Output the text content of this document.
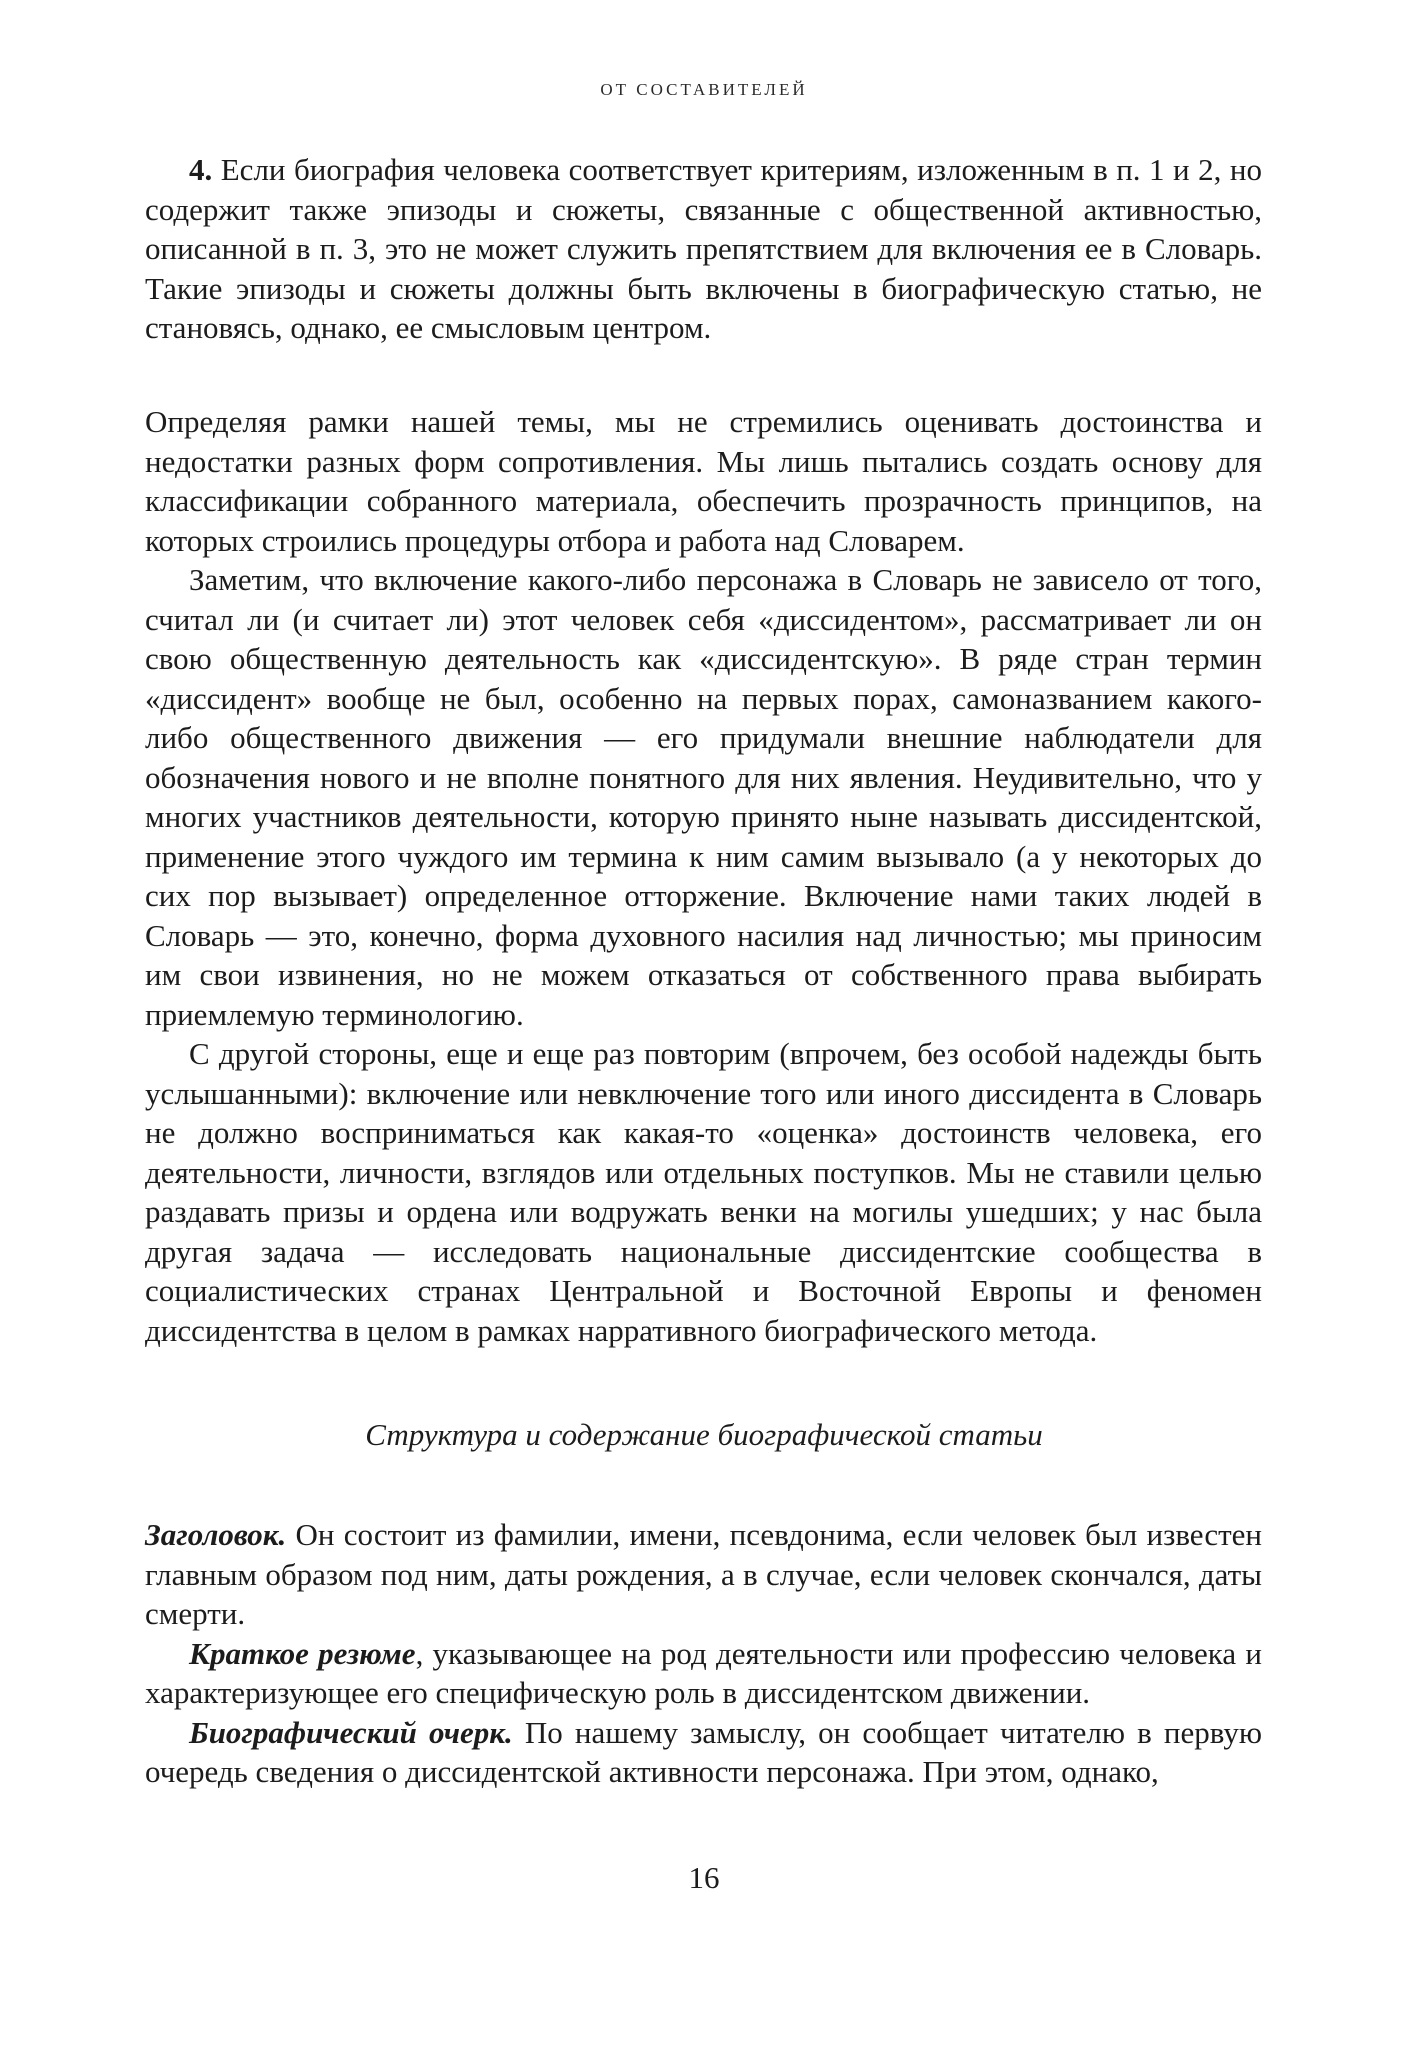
ОТ СОСТАВИТЕЛЕЙ

4. Если биография человека соответствует критериям, изложенным в п. 1 и 2, но содержит также эпизоды и сюжеты, связанные с общественной активностью, описанной в п. 3, это не может служить препятствием для включения ее в Словарь. Такие эпизоды и сюжеты должны быть включены в биографическую статью, не становясь, однако, ее смысловым центром.

Определяя рамки нашей темы, мы не стремились оценивать достоинства и недостатки разных форм сопротивления. Мы лишь пытались создать основу для классификации собранного материала, обеспечить прозрачность принципов, на которых строились процедуры отбора и работа над Словарем.

Заметим, что включение какого-либо персонажа в Словарь не зависело от того, считал ли (и считает ли) этот человек себя «диссидентом», рассматривает ли он свою общественную деятельность как «диссидентскую». В ряде стран термин «диссидент» вообще не был, особенно на первых порах, самоназванием какого-либо общественного движения — его придумали внешние наблюдатели для обозначения нового и не вполне понятного для них явления. Неудивительно, что у многих участников деятельности, которую принято ныне называть диссидентской, применение этого чуждого им термина к ним самим вызывало (а у некоторых до сих пор вызывает) определенное отторжение. Включение нами таких людей в Словарь — это, конечно, форма духовного насилия над личностью; мы приносим им свои извинения, но не можем отказаться от собственного права выбирать приемлемую терминологию.

С другой стороны, еще и еще раз повторим (впрочем, без особой надежды быть услышанными): включение или невключение того или иного диссидента в Словарь не должно восприниматься как какая-то «оценка» достоинств человека, его деятельности, личности, взглядов или отдельных поступков. Мы не ставили целью раздавать призы и ордена или водружать венки на могилы ушедших; у нас была другая задача — исследовать национальные диссидентские сообщества в социалистических странах Центральной и Восточной Европы и феномен диссидентства в целом в рамках нарративного биографического метода.

Структура и содержание биографической статьи

Заголовок. Он состоит из фамилии, имени, псевдонима, если человек был известен главным образом под ним, даты рождения, а в случае, если человек скончался, даты смерти.

Краткое резюме, указывающее на род деятельности или профессию человека и характеризующее его специфическую роль в диссидентском движении.

Биографический очерк. По нашему замыслу, он сообщает читателю в первую очередь сведения о диссидентской активности персонажа. При этом, однако,

16
